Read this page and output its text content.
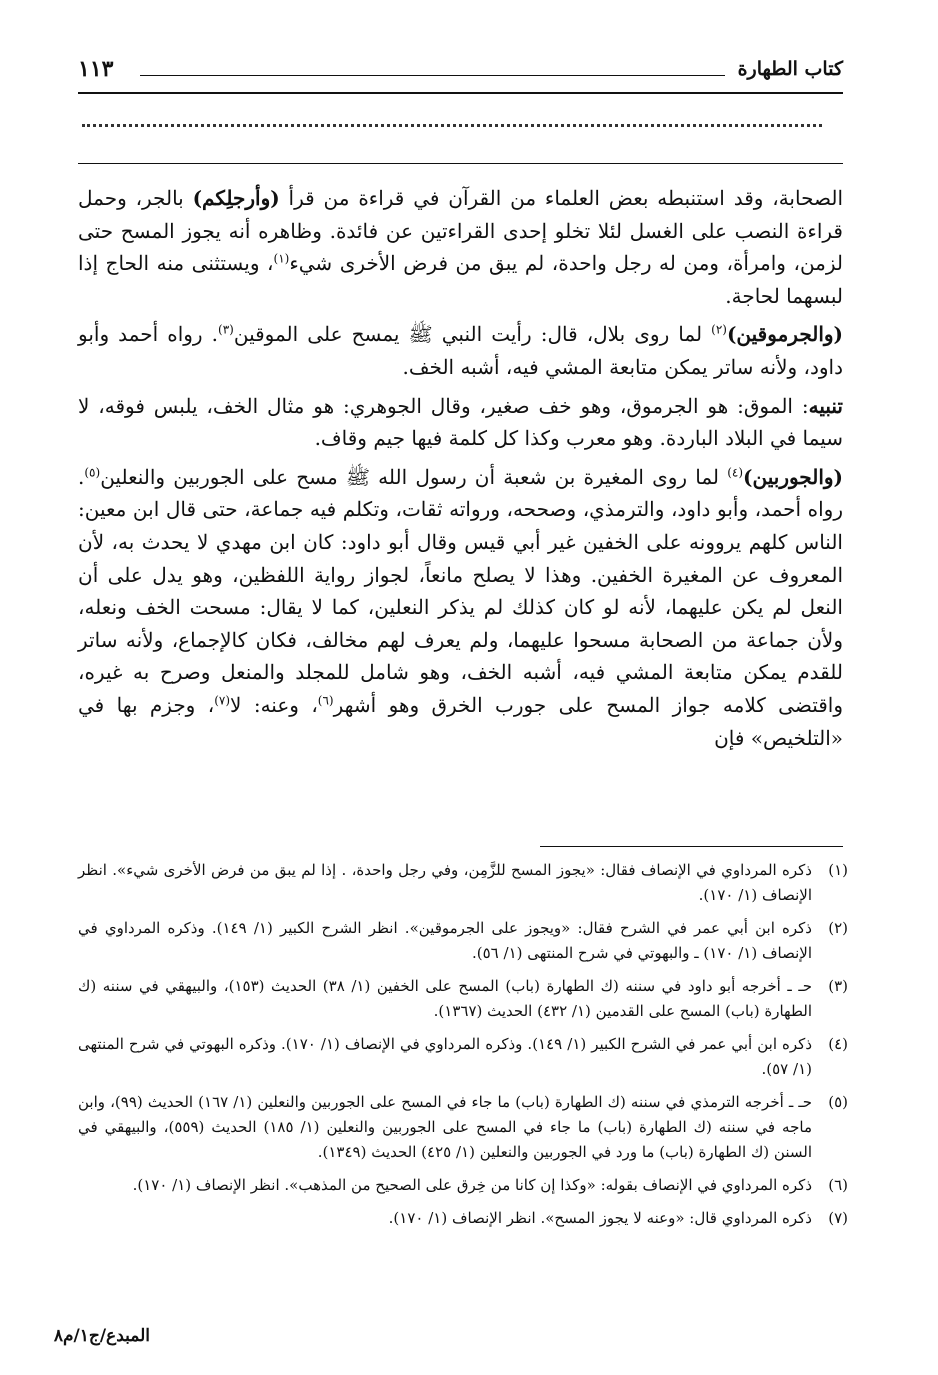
كتاب الطهارة
١١٣

الصحابة، وقد استنبطه بعض العلماء من القرآن في قراءة من قرأ (وأرجلِكم) بالجر، وحمل قراءة النصب على الغسل لئلا تخلو إحدى القراءتين عن فائدة. وظاهره أنه يجوز المسح حتى لزمن، وامرأة، ومن له رجل واحدة، لم يبق من فرض الأخرى شيء$^{(١)}$، ويستثنى منه الحاج إذا لبسهما لحاجة.

(والجرموقين)$^{(٢)}$ لما روى بلال، قال: رأيت النبي ﷺ يمسح على الموقين$^{(٣)}$. رواه أحمد وأبو داود، ولأنه ساتر يمكن متابعة المشي فيه، أشبه الخف.

تنبيه: الموق: هو الجرموق، وهو خف صغير، وقال الجوهري: هو مثال الخف، يلبس فوقه، لا سيما في البلاد الباردة. وهو معرب وكذا كل كلمة فيها جيم وقاف.

(والجوربين)$^{(٤)}$ لما روى المغيرة بن شعبة أن رسول الله ﷺ مسح على الجوربين والنعلين$^{(٥)}$. رواه أحمد، وأبو داود، والترمذي، وصححه، ورواته ثقات، وتكلم فيه جماعة، حتى قال ابن معين: الناس كلهم يروونه على الخفين غير أبي قيس وقال أبو داود: كان ابن مهدي لا يحدث به، لأن المعروف عن المغيرة الخفين. وهذا لا يصلح مانعاً، لجواز رواية اللفظين، وهو يدل على أن النعل لم يكن عليهما، لأنه لو كان كذلك لم يذكر النعلين، كما لا يقال: مسحت الخف ونعله، ولأن جماعة من الصحابة مسحوا عليهما، ولم يعرف لهم مخالف، فكان كالإجماع، ولأنه ساتر للقدم يمكن متابعة المشي فيه، أشبه الخف، وهو شامل للمجلد والمنعل وصرح به غيره، واقتضى كلامه جواز المسح على جورب الخرق وهو أشهر$^{(٦)}$، وعنه: لا$^{(٧)}$، وجزم بها في «التلخيص» فإن

(١)
ذكره المرداوي في الإنصاف فقال: «يجوز المسح للزَّمِن، وفي رجل واحدة، . إذا لم يبق من فرض الأخرى شيء». انظر الإنصاف (١/ ١٧٠).
(٢)
ذكره ابن أبي عمر في الشرح فقال: «ويجوز على الجرموقين». انظر الشرح الكبير (١/ ١٤٩). وذكره المرداوي في الإنصاف (١/ ١٧٠) ـ والبهوتي في شرح المنتهى (١/ ٥٦).
(٣)
حـ ـ أخرجه أبو داود في سننه (ك الطهارة (باب) المسح على الخفين (١/ ٣٨) الحديث (١٥٣)، والبيهقي في سننه (ك الطهارة (باب) المسح على القدمين (١/ ٤٣٢) الحديث (١٣٦٧).
(٤)
ذكره ابن أبي عمر في الشرح الكبير (١/ ١٤٩). وذكره المرداوي في الإنصاف (١/ ١٧٠). وذكره البهوتي في شرح المنتهى (١/ ٥٧).
(٥)
حـ ـ أخرجه الترمذي في سننه (ك الطهارة (باب) ما جاء في المسح على الجوربين والنعلين (١/ ١٦٧) الحديث (٩٩)، وابن ماجه في سننه (ك الطهارة (باب) ما جاء في المسح على الجوربين والنعلين (١/ ١٨٥) الحديث (٥٥٩)، والبيهقي في السنن (ك الطهارة (باب) ما ورد في الجوربين والنعلين (١/ ٤٢٥) الحديث (١٣٤٩).
(٦)
ذكره المرداوي في الإنصاف بقوله: «وكذا إن كانا من خِرق على الصحيح من المذهب». انظر الإنصاف (١/ ١٧٠).
(٧)
ذكره المرداوي قال: «وعنه لا يجوز المسح». انظر الإنصاف (١/ ١٧٠).
المبدع/ج١/م٨
